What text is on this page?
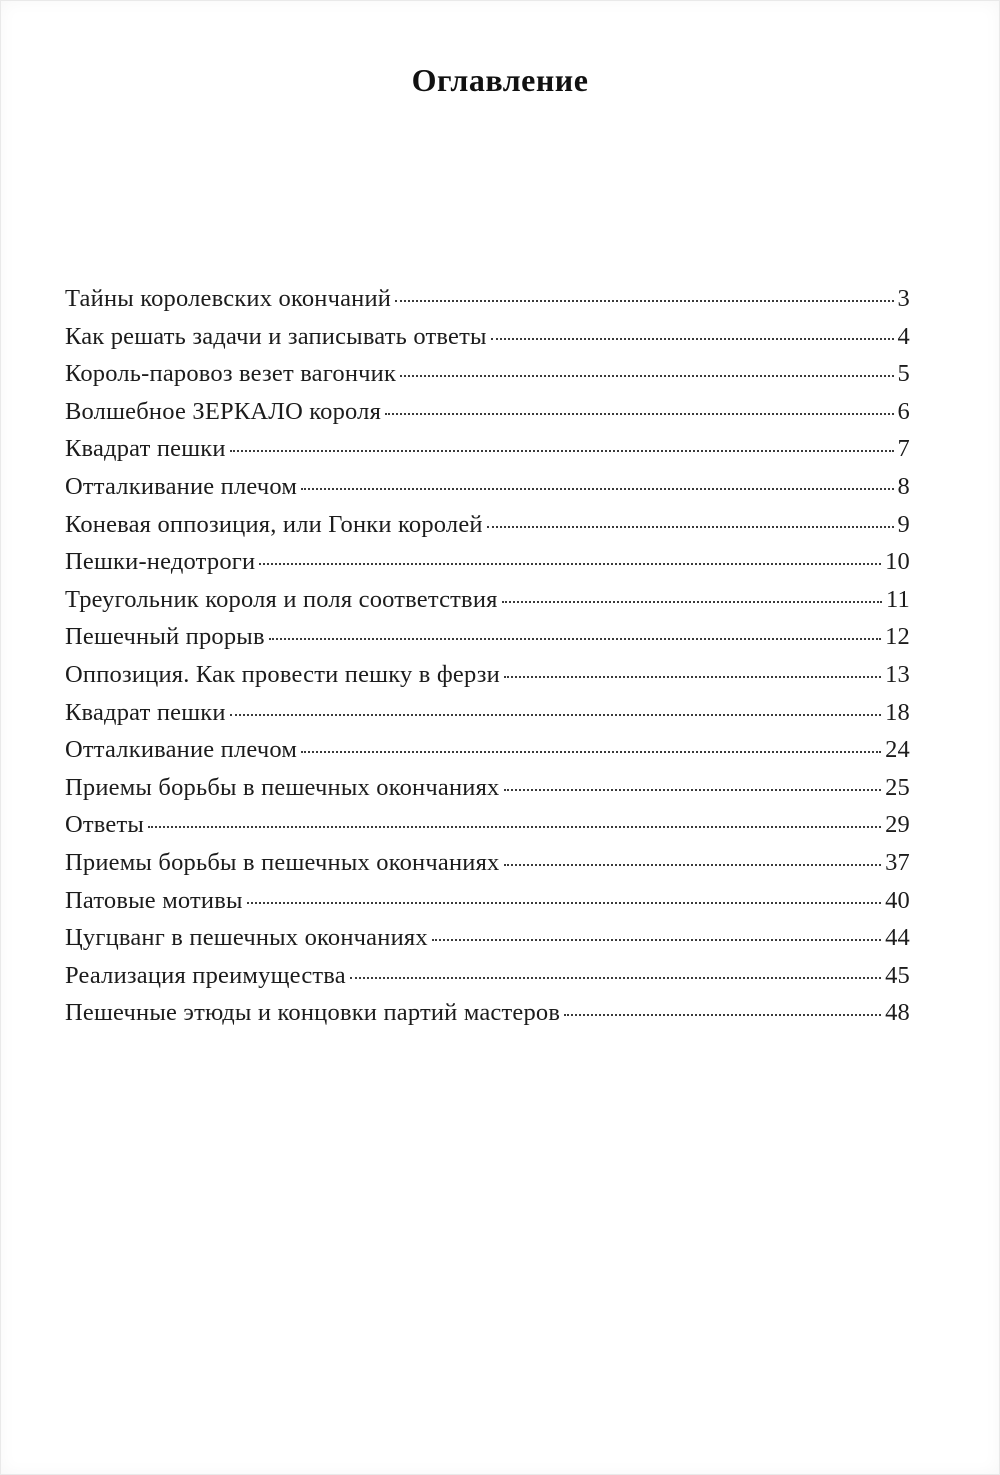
Оглавление
Тайны королевских окончаний	3
Как решать задачи и записывать ответы	4
Король-паровоз везет вагончик	5
Волшебное ЗЕРКАЛО короля	6
Квадрат пешки	7
Отталкивание плечом	8
Коневая оппозиция, или Гонки королей	9
Пешки-недотроги	10
Треугольник короля и поля соответствия	11
Пешечный прорыв	12
Оппозиция. Как провести пешку в ферзи	13
Квадрат пешки	18
Отталкивание плечом	24
Приемы борьбы в пешечных окончаниях	25
Ответы	29
Приемы борьбы в пешечных окончаниях	37
Патовые мотивы	40
Цугцванг в пешечных окончаниях	44
Реализация преимущества	45
Пешечные этюды и концовки партий мастеров	48
